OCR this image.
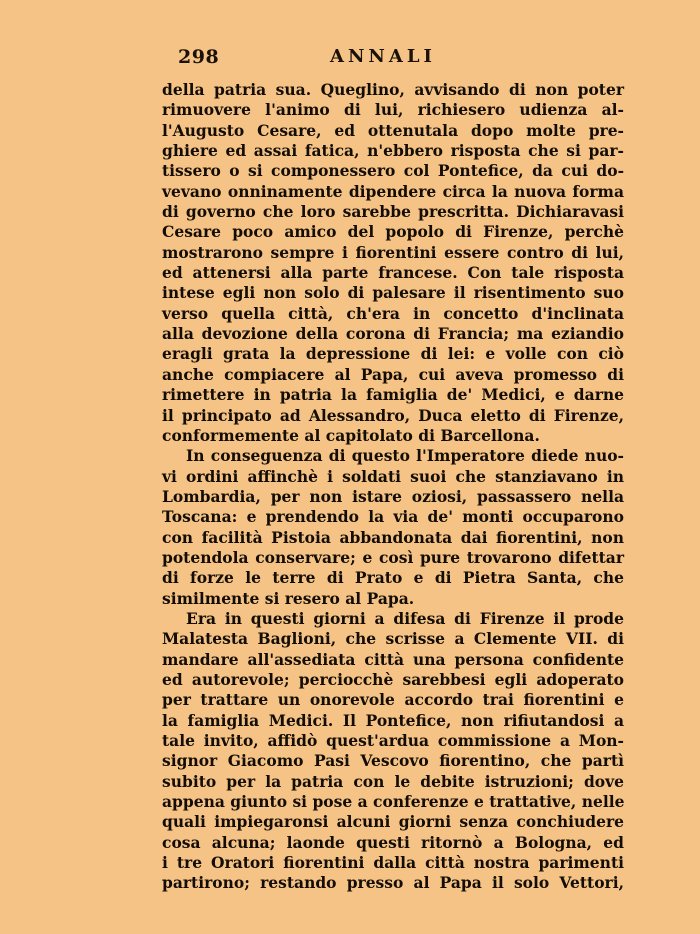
298	ANNALI
della patria sua. Queglino, avvisando di non poter
rimuovere l'animo di lui, richiesero udienza al-
l'Augusto Cesare, ed ottenutala dopo molte pre-
ghiere ed assai fatica, n'ebbero risposta che si par-
tissero o si componessero col Pontefice, da cui do-
vevano onninamente dipendere circa la nuova forma
di governo che loro sarebbe prescritta. Dichiaravasi
Cesare poco amico del popolo di Firenze, perchè
mostrarono sempre i fiorentini essere contro di lui,
ed attenersi alla parte francese. Con tale risposta
intese egli non solo di palesare il risentimento suo
verso quella città, ch'era in concetto d'inclinata
alla devozione della corona di Francia; ma eziandio
eragli grata la depressione di lei: e volle con ciò
anche compiacere al Papa, cui aveva promesso di
rimettere in patria la famiglia de' Medici, e darne
il principato ad Alessandro, Duca eletto di Firenze,
conformemente al capitolato di Barcellona.
In conseguenza di questo l'Imperatore diede nuo-
vi ordini affinchè i soldati suoi che stanziavano in
Lombardia, per non istare oziosi, passassero nella
Toscana: e prendendo la via de' monti occuparono
con facilità Pistoia abbandonata dai fiorentini, non
potendola conservare; e così pure trovarono difettar
di forze le terre di Prato e di Pietra Santa, che
similmente si resero al Papa.
Era in questi giorni a difesa di Firenze il prode
Malatesta Baglioni, che scrisse a Clemente VII. di
mandare all'assediata città una persona confidente
ed autorevole; perciocchè sarebbesi egli adoperato
per trattare un onorevole accordo trai fiorentini e
la famiglia Medici. Il Pontefice, non rifiutandosi a
tale invito, affidò quest'ardua commissione a Mon-
signor Giacomo Pasi Vescovo fiorentino, che partì
subito per la patria con le debite istruzioni; dove
appena giunto si pose a conferenze e trattative, nelle
quali impiegaronsi alcuni giorni senza conchiudere
cosa alcuna; laonde questi ritornò a Bologna, ed
i tre Oratori fiorentini dalla città nostra parimenti
partirono; restando presso al Papa il solo Vettori,
